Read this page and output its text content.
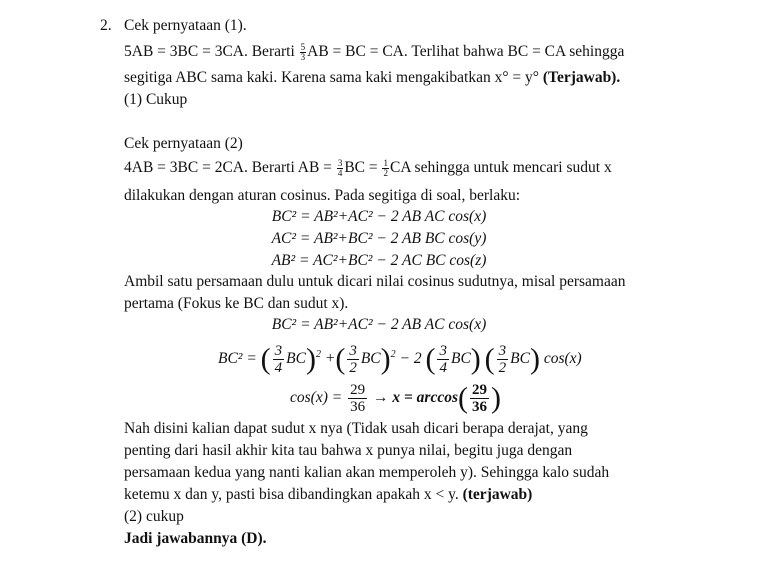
2. Cek pernyataan (1).
5AB = 3BC = 3CA. Berarti $\frac{5}{3}$ AB = BC = CA. Terlihat bahwa BC = CA sehingga
segitiga ABC sama kaki. Karena sama kaki mengakibatkan x° = y° (Terjawab).
(1) Cukup
Cek pernyataan (2)
4AB = 3BC = 2CA. Berarti AB = $\frac{3}{4}$ BC = $\frac{1}{2}$ CA sehingga untuk mencari sudut x
dilakukan dengan aturan cosinus. Pada segitiga di soal, berlaku:
BC² = AB²+AC² − 2 AB AC cos(x)
AC² = AB²+BC² − 2 AB BC cos(y)
AB² = AC²+BC² − 2 AC BC cos(z)
Ambil satu persamaan dulu untuk dicari nilai cosinus sudutnya, misal persamaan
pertama (Fokus ke BC dan sudut x).
BC² = AB²+AC² − 2 AB AC cos(x)
BC² = ( $\frac{3}{4} BC)^2$ +( $\frac{3}{2} BC)^2 - 2$ ( $\frac{3}{4} BC$) ( $\frac{3}{2} BC$) cos(x)
$\cos(x) = \frac{29}{36} \to x = \arccos( \frac{29}{36}$ )
Nah disini kalian dapat sudut x nya (Tidak usah dicari berapa derajat, yang
penting dari hasil akhir kita tau bahwa x punya nilai, begitu juga dengan
persamaan kedua yang nanti kalian akan memperoleh y). Sehingga kalo sudah
ketemu x dan y, pasti bisa dibandingkan apakah x < y. (terjawab)
(2) cukup
Jadi jawabannya (D).
